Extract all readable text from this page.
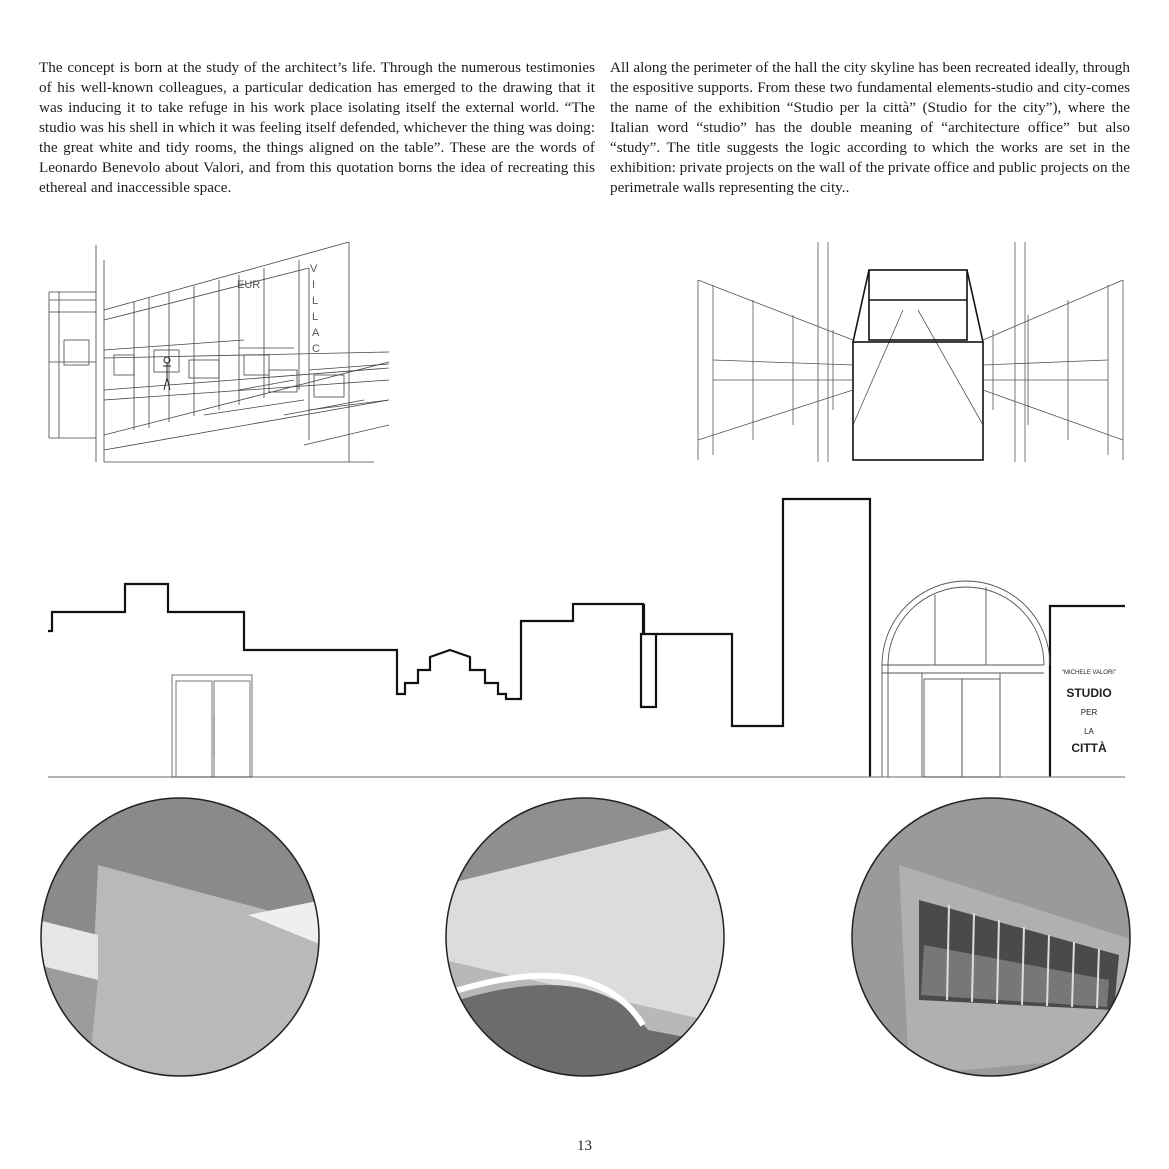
The concept is born at the study of the architect’s life. Through the numerous testimonies of his well-known colleagues, a particular dedication has emerged to the drawing that it was inducing it to take refuge in his work place isolating itself the external world. “The studio was his shell in which it was feeling itself defended, whichever the thing was doing: the great white and tidy rooms, the things aligned on the table”. These are the words of Leonardo Benevolo about Valori, and from this quotation borns the idea of recreating this ethereal and inaccessible space.
All along the perimeter of the hall the city skyline has been recreated ideally, through the espositive supports. From these two fundamental elements-studio and city-comes the name of the exhibition “Studio per la città” (Studio for the city”), where the Italian word “studio” has the double meaning of “architecture office” but also “study”. The title suggests the logic according to which the works are set in the exhibition: private projects on the wall of the private office and public projects on the perimetrale walls representing the city..
EUR
V
I
L
L
A
C
“MICHELE VALORI”
STUDIO
PER
LA
CITTÀ
13
